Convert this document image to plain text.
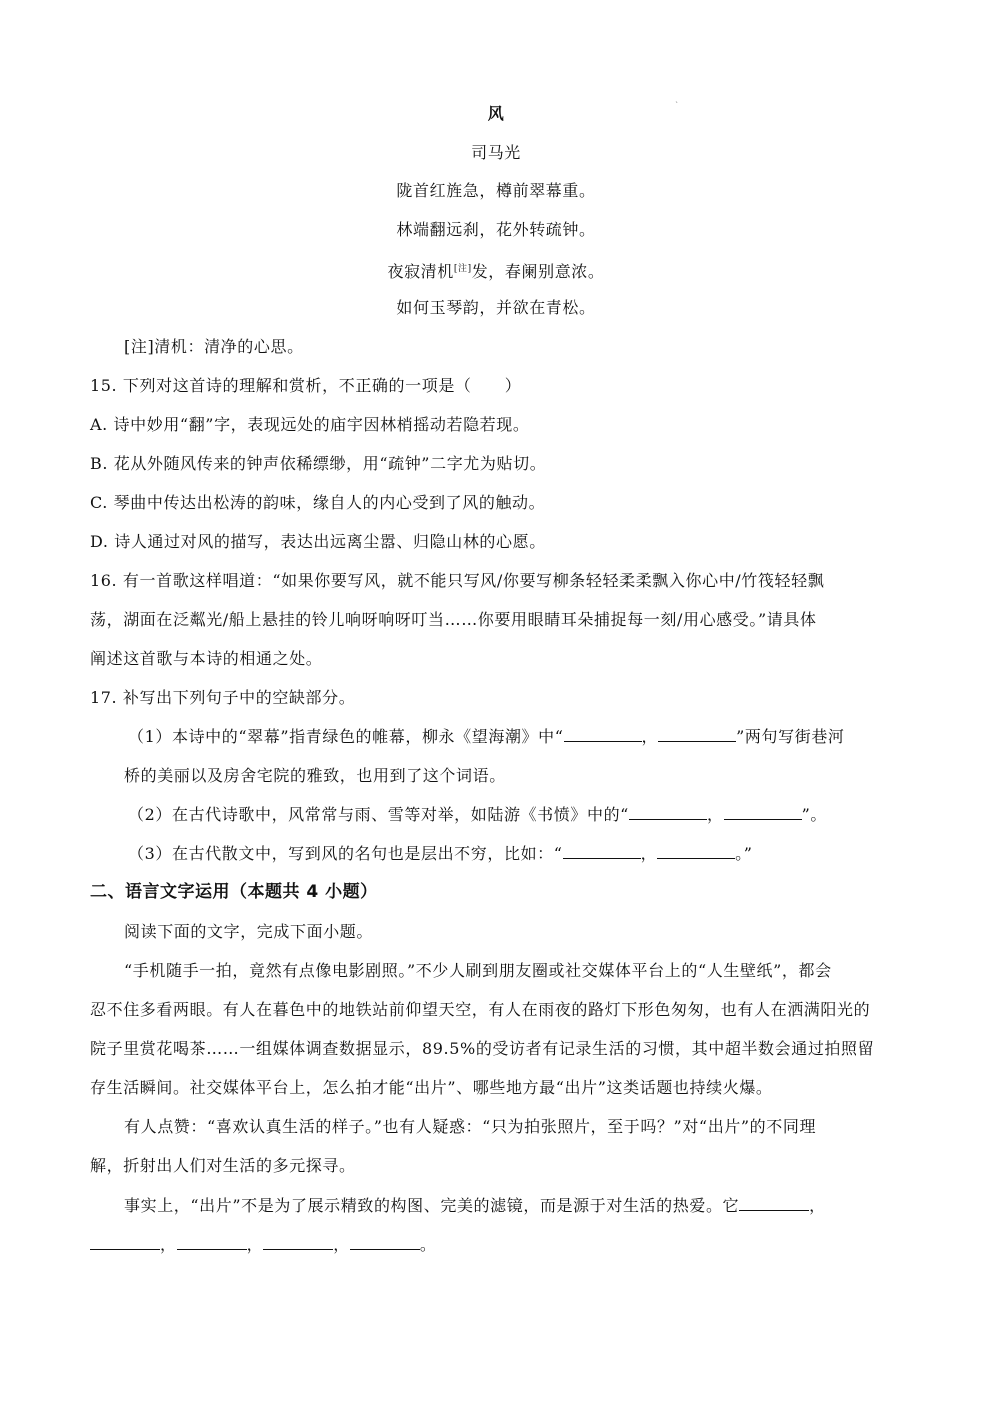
`
风
司马光
陇首红旌急，樽前翠幕重。
林端翻远刹，花外转疏钟。
夜寂清机[注]发，春阑别意浓。
如何玉琴韵，并欲在青松。
[注]清机：清净的心思。
15. 下列对这首诗的理解和赏析，不正确的一项是（　　）
A. 诗中妙用“翻”字，表现远处的庙宇因林梢摇动若隐若现。
B. 花从外随风传来的钟声依稀缥缈，用“疏钟”二字尤为贴切。
C. 琴曲中传达出松涛的韵味，缘自人的内心受到了风的触动。
D. 诗人通过对风的描写，表达出远离尘嚣、归隐山林的心愿。
16. 有一首歌这样唱道：“如果你要写风，就不能只写风/你要写柳条轻轻柔柔飘入你心中/竹筏轻轻飘
荡，湖面在泛粼光/船上悬挂的铃儿响呀响呀叮当……你要用眼睛耳朵捕捉每一刻/用心感受。”请具体
阐述这首歌与本诗的相通之处。
17. 补写出下列句子中的空缺部分。
（1）本诗中的“翠幕”指青绿色的帷幕，柳永《望海潮》中“	，	”两句写街巷河
桥的美丽以及房舍宅院的雅致，也用到了这个词语。
（2）在古代诗歌中，风常常与雨、雪等对举，如陆游《书愤》中的“	，	”。
（3）在古代散文中，写到风的名句也是层出不穷，比如：“	，	。”
二、语言文字运用（本题共 4 小题）
阅读下面的文字，完成下面小题。
“手机随手一拍，竟然有点像电影剧照。”不少人刷到朋友圈或社交媒体平台上的“人生壁纸”，都会
忍不住多看两眼。有人在暮色中的地铁站前仰望天空，有人在雨夜的路灯下形色匆匆，也有人在洒满阳光的
院子里赏花喝茶……一组媒体调查数据显示，89.5%的受访者有记录生活的习惯，其中超半数会通过拍照留
存生活瞬间。社交媒体平台上，怎么拍才能“出片”、哪些地方最“出片”这类话题也持续火爆。
有人点赞：“喜欢认真生活的样子。”也有人疑惑：“只为拍张照片，至于吗？”对“出片”的不同理
解，折射出人们对生活的多元探寻。
事实上，“出片”不是为了展示精致的构图、完美的滤镜，而是源于对生活的热爱。它	，
，	，	，	。
